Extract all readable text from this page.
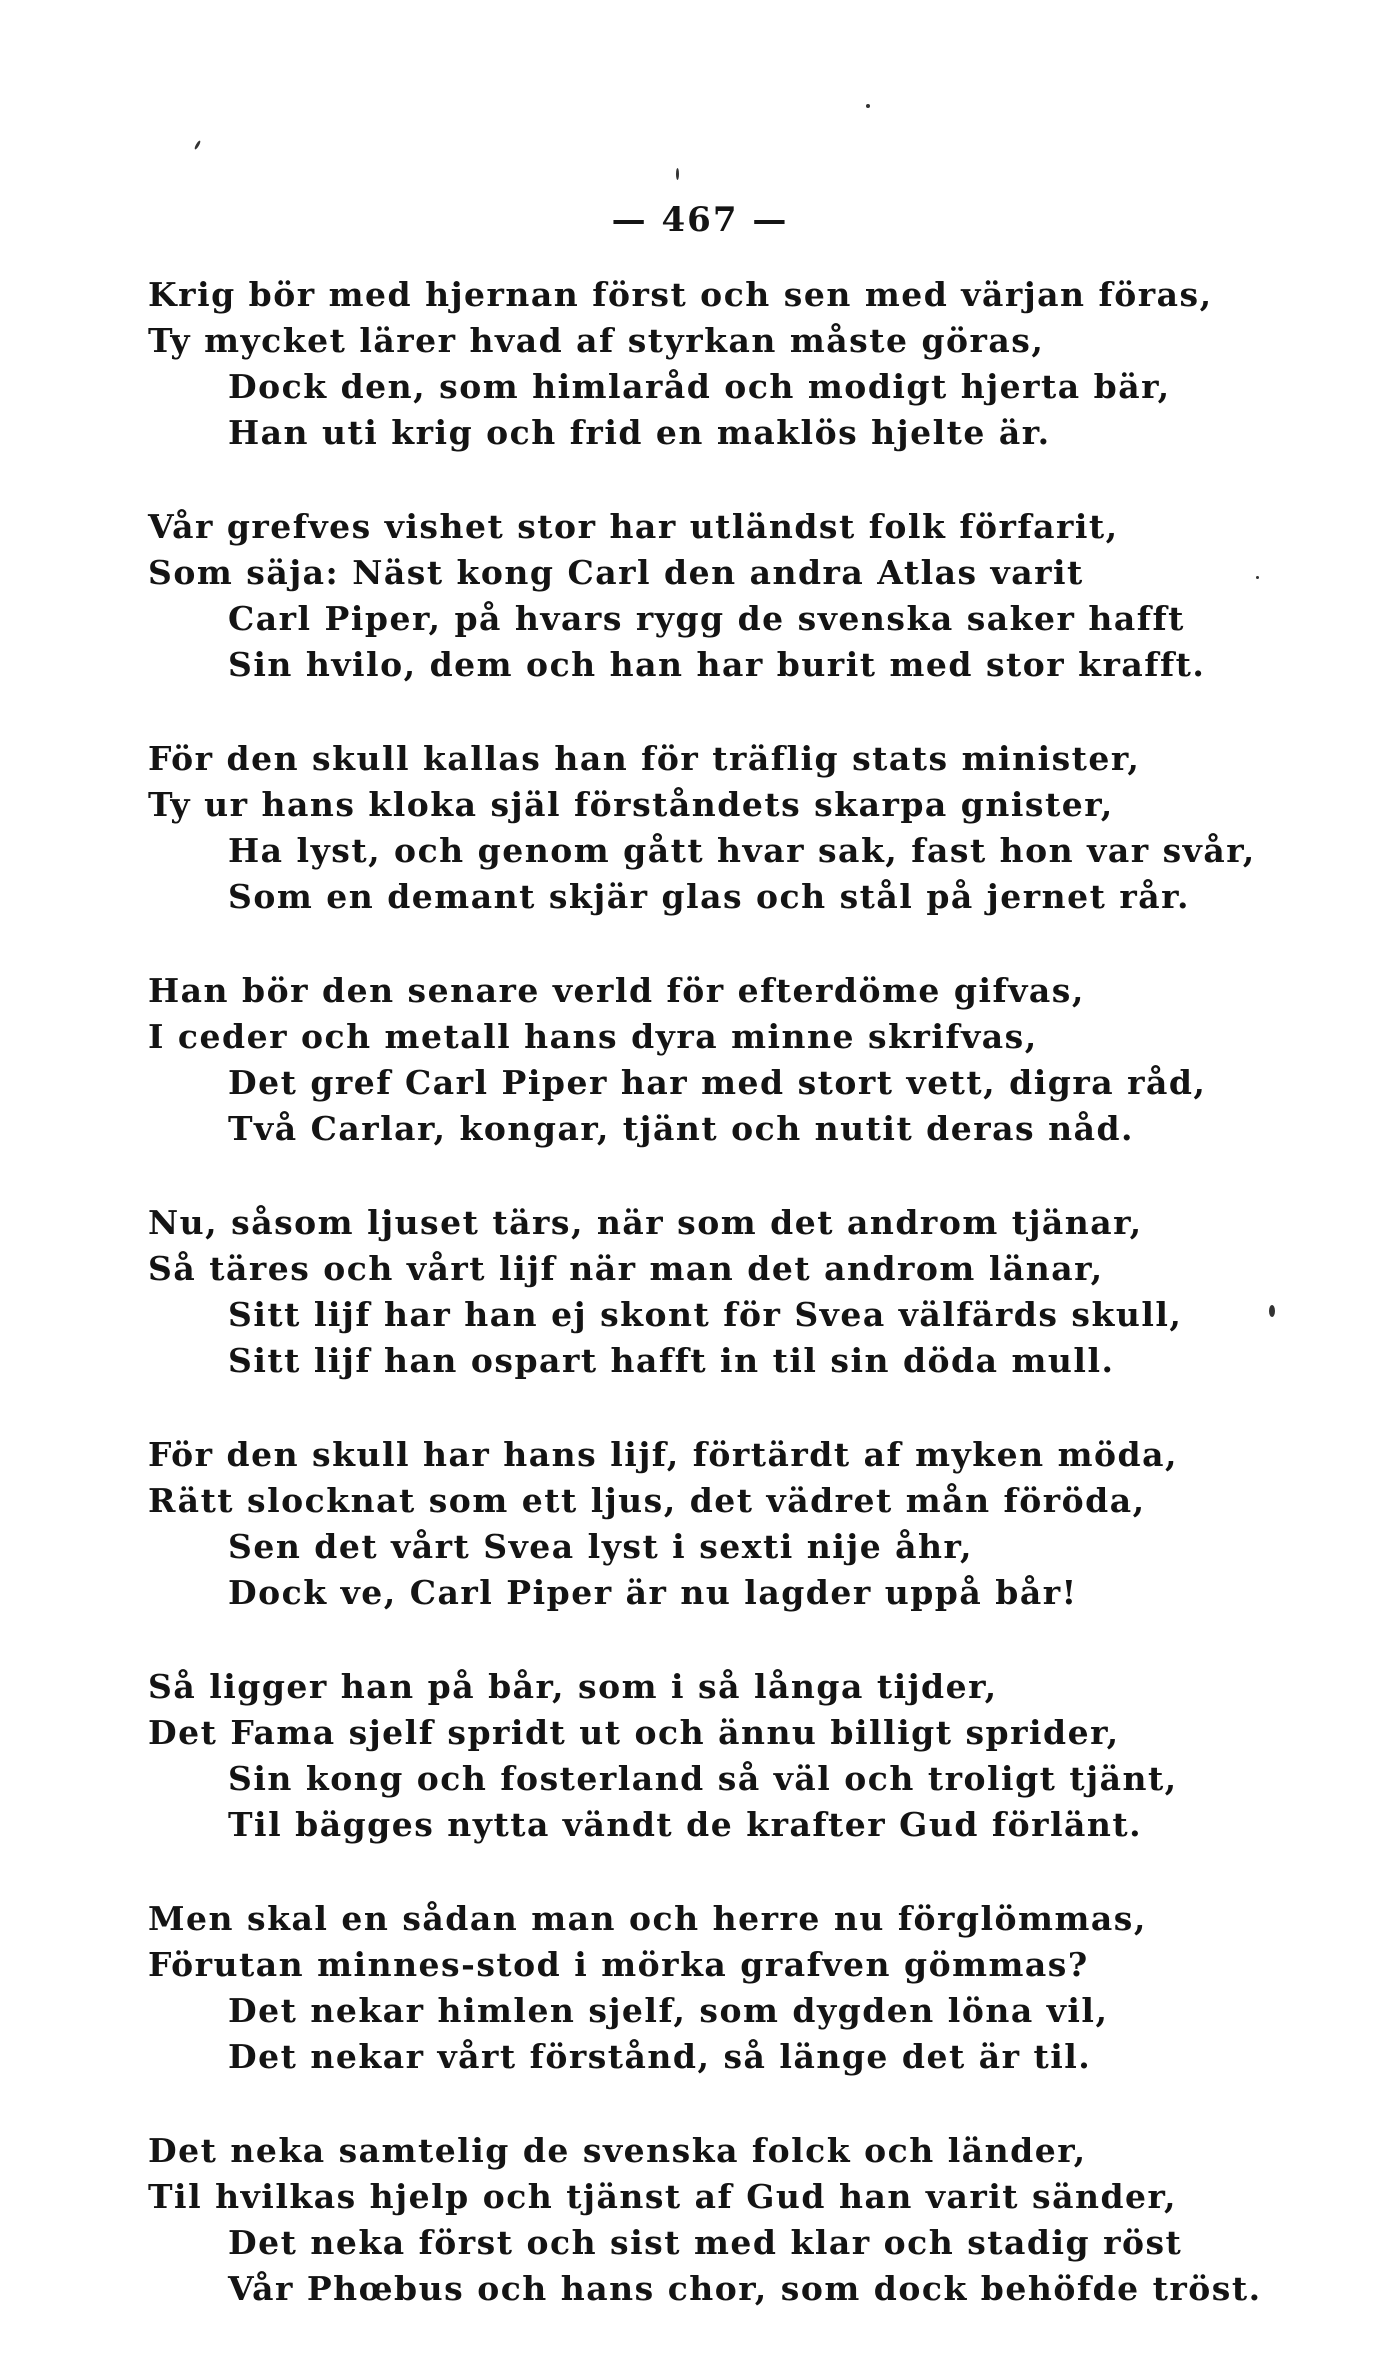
— 467 —
Krig bör med hjernan först och sen med värjan föras,
Ty mycket lärer hvad af styrkan måste göras,
Dock den, som himlaråd och modigt hjerta bär,
Han uti krig och frid en maklös hjelte är.
Vår grefves vishet stor har utländst folk förfarit,
Som säja: Näst kong Carl den andra Atlas varit
Carl Piper, på hvars rygg de svenska saker hafft
Sin hvilo, dem och han har burit med stor krafft.
För den skull kallas han för träflig stats minister,
Ty ur hans kloka själ förståndets skarpa gnister,
Ha lyst, och genom gått hvar sak, fast hon var svår,
Som en demant skjär glas och stål på jernet rår.
Han bör den senare verld för efterdöme gifvas,
I ceder och metall hans dyra minne skrifvas,
Det gref Carl Piper har med stort vett, digra råd,
Två Carlar, kongar, tjänt och nutit deras nåd.
Nu, såsom ljuset tärs, när som det androm tjänar,
Så täres och vårt lijf när man det androm länar,
Sitt lijf har han ej skont för Svea välfärds skull,
Sitt lijf han ospart hafft in til sin döda mull.
För den skull har hans lijf, förtärdt af myken möda,
Rätt slocknat som ett ljus, det vädret mån föröda,
Sen det vårt Svea lyst i sexti nije åhr,
Dock ve, Carl Piper är nu lagder uppå bår!
Så ligger han på bår, som i så långa tijder,
Det Fama sjelf spridt ut och ännu billigt sprider,
Sin kong och fosterland så väl och troligt tjänt,
Til bägges nytta vändt de krafter Gud förlänt.
Men skal en sådan man och herre nu förglömmas,
Förutan minnes-stod i mörka grafven gömmas?
Det nekar himlen sjelf, som dygden löna vil,
Det nekar vårt förstånd, så länge det är til.
Det neka samtelig de svenska folck och länder,
Til hvilkas hjelp och tjänst af Gud han varit sänder,
Det neka först och sist med klar och stadig röst
Vår Phœbus och hans chor, som dock behöfde tröst.
